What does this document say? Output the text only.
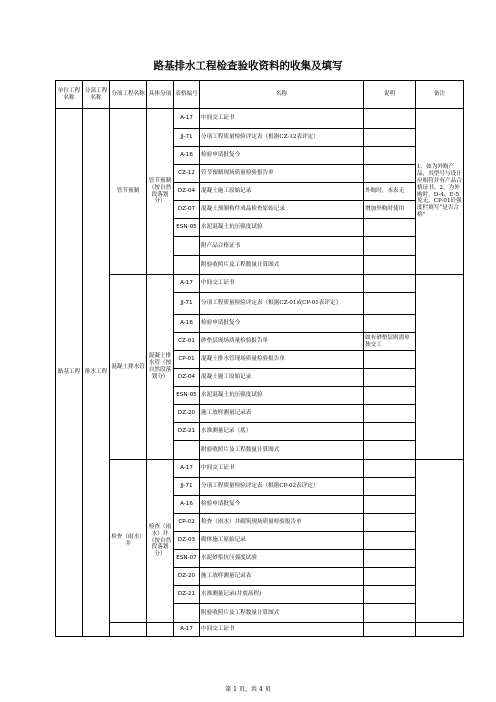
路基排水工程检查验收资料的收集及填写
单位工程名称	分部工程名称	分项工程名称	具体分项	表格编号	名称	说明	备注
路基工程	排水工程	管节预制	管节预制（按自然段落划分）	A-17	中间交工证书		1、如为外购产品，其型号与设计应相符并有产品合格证书。2、为外购时，D-4、E-5免无，CP-01砼强度栏填写“是否合格”
				JJ-71	分项工程质量检验评定表（根据CZ-12表评定）		
				A-16	检验申请批复今		
				CZ-12	管节预制现场质量检验报告单		
				DZ-04	混凝土施工原始记录	外购时，本表无	
				DZ-07	混凝土预制构件成品检查原始记录	增加外购时使用	
				ESN-05	水泥混凝土抗压强度试验		
					附产品合格证书		
					附验收照片及工程数量计算图式		
		混凝土排水管	混凝土排水管（按自然段落划分）	A-17	中间交工证书		
				JJ-71	分项工程质量检验评定表（根据CZ-01或CP-01表评定）		
				A-16	检验申请批复今		
				CZ-01	砂垫层现场质量检验报告单	如有砂垫层则需单独交工	
				CP-01	混凝土排水管现场质量检验报告单		
				DZ-04	混凝土施工原始记录		
				ESN-05	水泥混凝土抗压强度试验		
				DZ-20	施工放样测量记录表		
				DZ-21	水准测量记录（底）		
					附验收照片及工程数量计算图式		
		检查（雨水）井	检查（雨水）井（按自然段落划分）	A-17	中间交工证书		
				JJ-71	分项工程质量检验评定表（根据CP-02表评定）		
				A-16	检验申请批复今		
				CP-02	检查（雨水）井砌筑现场质量检验报告单		
				DZ-03	砌体施工原始记录		
				ESN-07	水泥砂浆抗压强度试验		
				DZ-20	施工放样测量记录表		
				DZ-21	水准测量记录(井底高程)		
					附验收照片及工程数量计算图式		
				A-17	中间交工证书		
第 1 页，共 4 页
